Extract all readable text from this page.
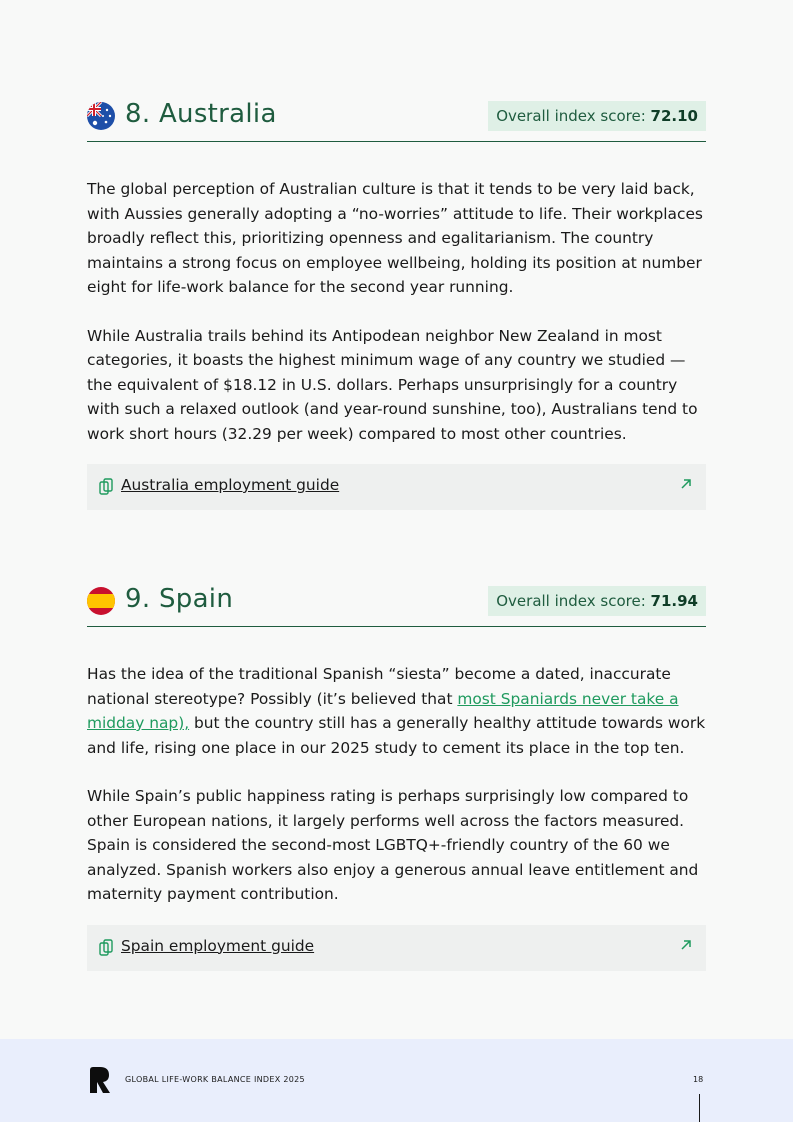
8. Australia	Overall index score: 72.10

The global perception of Australian culture is that it tends to be very laid back, with Aussies generally adopting a “no-worries” attitude to life. Their workplaces broadly reflect this, prioritizing openness and egalitarianism. The country maintains a strong focus on employee wellbeing, holding its position at number eight for life-work balance for the second year running.

While Australia trails behind its Antipodean neighbor New Zealand in most categories, it boasts the highest minimum wage of any country we studied — the equivalent of $18.12 in U.S. dollars. Perhaps unsurprisingly for a country with such a relaxed outlook (and year-round sunshine, too), Australians tend to work short hours (32.29 per week) compared to most other countries.

Australia employment guide
9. Spain	Overall index score: 71.94

Has the idea of the traditional Spanish “siesta” become a dated, inaccurate national stereotype? Possibly (it’s believed that most Spaniards never take a midday nap), but the country still has a generally healthy attitude towards work and life, rising one place in our 2025 study to cement its place in the top ten.

While Spain’s public happiness rating is perhaps surprisingly low compared to other European nations, it largely performs well across the factors measured. Spain is considered the second-most LGBTQ+-friendly country of the 60 we analyzed. Spanish workers also enjoy a generous annual leave entitlement and maternity payment contribution.

Spain employment guide
GLOBAL LIFE-WORK BALANCE INDEX 2025	18
